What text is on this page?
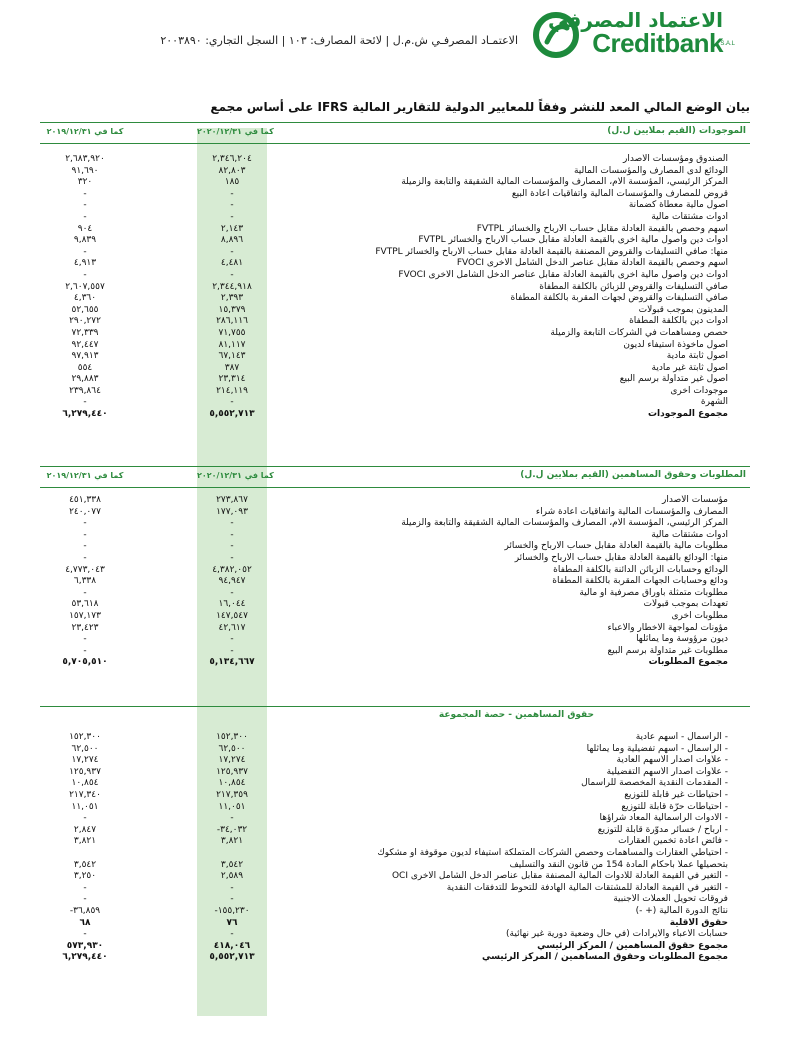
الاعتماد المصرفي
Creditbank
S.A.L
الاعتمـاد المصرفـي ش.م.ل | لائحة المصارف: ١٠٣ | السجل التجاري: ٢٠٠٣٨٩٠
بيان الوضع المالي المعد للنشر وفقاً للمعايير الدولية للتقارير المالية IFRS على أساس مجمع
الموجودات (القيم بملايين ل.ل)
كما في ٢٠٢٠/١٢/٣١
كما في ٢٠١٩/١٢/٣١
الصندوق ومؤسسات الاصدار
٢,٣٤٦,٢٠٤
٢,٦٨٣,٩٢٠
الودائع لدى المصارف والمؤسسات المالية
٨٢,٨٠٣
٩١,٦٩٠
المركز الرئيسي، المؤسسة الام، المصارف والمؤسسات المالية الشقيقة والتابعة والزميلة
١٨٥
٣٢٠
قروض للمصارف والمؤسسات المالية واتفاقيات اعادة البيع
-
-
أصول مالية معطاة كضمانة
-
-
أدوات مشتقات مالية
-
-
أسهم وحصص بالقيمة العادلة مقابل حساب الارباح والخسائر FVTPL
٢,١٤٣
٩٠٤
أدوات دين وأصول مالية أخرى بالقيمة العادلة مقابل حساب الارباح والخسائر FVTPL
٨,٨٩٦
٩,٨٣٩
منها: صافي التسليفات والقروض المصنفة بالقيمة العادلة مقابل حساب الارباح والخسائر FVTPL
-
-
أسهم وحصص بالقيمة العادلة مقابل عناصر الدخل الشامل الاخرى FVOCI
٤,٤٨١
٤,٩١٣
أدوات دين وأصول مالية أخرى بالقيمة العادلة مقابل عناصر الدخل الشامل الاخرى FVOCI
-
-
صافي التسليفات والقروض للزبائن بالكلفة المطفأة
٢,٣٤٤,٩١٨
٢,٦٠٧,٥٥٧
صافي التسليفات والقروض لجهات المقربة بالكلفة المطفأة
٢,٣٩٣
٤,٣٦٠
المدينون بموجب قبولات
١٥,٣٧٩
٥٢,٦٥٥
أدوات دين بالكلفة المطفأة
٢٨٦,١١٦
٢٩٠,٢٧٢
حصص ومساهمات في الشركات التابعة والزميلة
٧١,٧٥٥
٧٢,٣٣٩
أصول مأخوذة استيفاء لديون
٨١,١١٧
٩٢,٤٤٧
اصول ثابتة مادية
٦٧,١٤٣
٩٧,٩١٣
اصول ثابتة غير مادية
٣٨٧
٥٥٤
اصول غير متداولة برسم البيع
٢٣,٣١٤
٢٩,٨٨٣
موجودات اخرى
٢١٤,١١٩
٢٣٩,٨٦٤
الشهرة
-
-
مجموع الموجودات
٥,٥٥٢,٧١٣
٦,٢٧٩,٤٤٠
المطلوبات وحقوق المساهمين (القيم بملايين ل.ل)
كما في ٢٠٢٠/١٢/٣١
كما في ٢٠١٩/١٢/٣١
مؤسسات الاصدار
٢٧٣,٨٦٧
٤٥١,٣٣٨
المصارف والمؤسسات المالية واتفاقيات اعادة شراء
١٧٧,٠٩٣
٢٤٠,٠٧٧
المركز الرئيسي، المؤسسة الام، المصارف والمؤسسات المالية الشقيقة والتابعة والزميلة
-
-
أدوات مشتقات مالية
-
-
مطلوبات مالية بالقيمة العادلة مقابل حساب الارباح والخسائر
-
-
منها: الودائع بالقيمة العادلة مقابل حساب الارباح والخسائر
-
-
الودائع وحسابات الزبائن الدائنة بالكلفة المطفأة
٤,٣٨٢,٠٥٢
٤,٧٧٣,٠٤٣
ودائع وحسابات الجهات المقربة بالكلفة المطفأة
٩٤,٩٤٧
٦,٣٣٨
مطلوبات متمثلة بأوراق مصرفية او مالية
-
-
تعهدات بموجب قبولات
١٦,٠٤٤
٥٣,٦١٨
مطلوبات اخرى
١٤٧,٥٤٧
١٥٧,١٧٣
مؤونات لمواجهة الاخطار والاعباء
٤٢,٦١٧
٢٣,٤٢٣
ديون مرؤوسة وما يماثلها
-
-
مطلوبات غير متداولة برسم البيع
-
-
مجموع المطلوبات
٥,١٣٤,٦٦٧
٥,٧٠٥,٥١٠
حقوق المساهمين - حصة المجموعة
- الرأسمال - اسهم عادية
١٥٢,٣٠٠
١٥٢,٣٠٠
- الرأسمال - اسهم تفضيلية وما يماثلها
٦٢,٥٠٠
٦٢,٥٠٠
- علاوات اصدار الاسهم العادية
١٧,٢٧٤
١٧,٢٧٤
- علاوات اصدار الاسهم التفضيلية
١٢٥,٩٣٧
١٢٥,٩٣٧
- المقدمات النقدية المخصصة للرأسمال
١٠,٨٥٤
١٠,٨٥٤
- احتياطات غير قابلة للتوزيع
٢١٧,٣٥٩
٢١٧,٣٤٠
- احتياطات حرّة قابلة للتوزيع
١١,٠٥١
١١,٠٥١
- الادوات الرأسمالية المعاد شراؤها
-
-
- أرباح / خسائر مدوّرة قابلة للتوزيع
-٣٤,٠٣٢
٢,٨٤٧
- فائض اعادة تخمين العقارات
٣,٨٢١
٣,٨٢١
- احتياطي العقارات والمساهمات وحصص الشركات المتملكة استيفاء لديون موقوفة أو مشكوك
بتحصيلها عملاً بأحكام المادة 154 من قانون النقد والتسليف
٣,٥٤٢
٣,٥٤٢
- التغير في القيمة العادلة للادوات المالية المصنفة مقابل عناصر الدخل الشامل الاخرى OCI
٢,٥٨٩
٣,٢٥٠
- التغير في القيمة العادلة للمشتقات المالية الهادفة للتحوط للتدفقات النقدية
-
-
فروقات تحويل العملات الاجنبية
-
-
نتائج الدورة المالية (+ -)
-١٥٥,٢٣٠
-٣٦,٨٥٩
حقوق الاقلية
٧٦
٦٨
حسابات الاعباء والايرادات (في حال وضعية دورية غير نهائية)
-
-
مجموع حقوق المساهمين / المركز الرئيسي
٤١٨,٠٤٦
٥٧٣,٩٣٠
مجموع المطلوبات وحقوق المساهمين / المركز الرئيسي
٥,٥٥٢,٧١٣
٦,٢٧٩,٤٤٠
